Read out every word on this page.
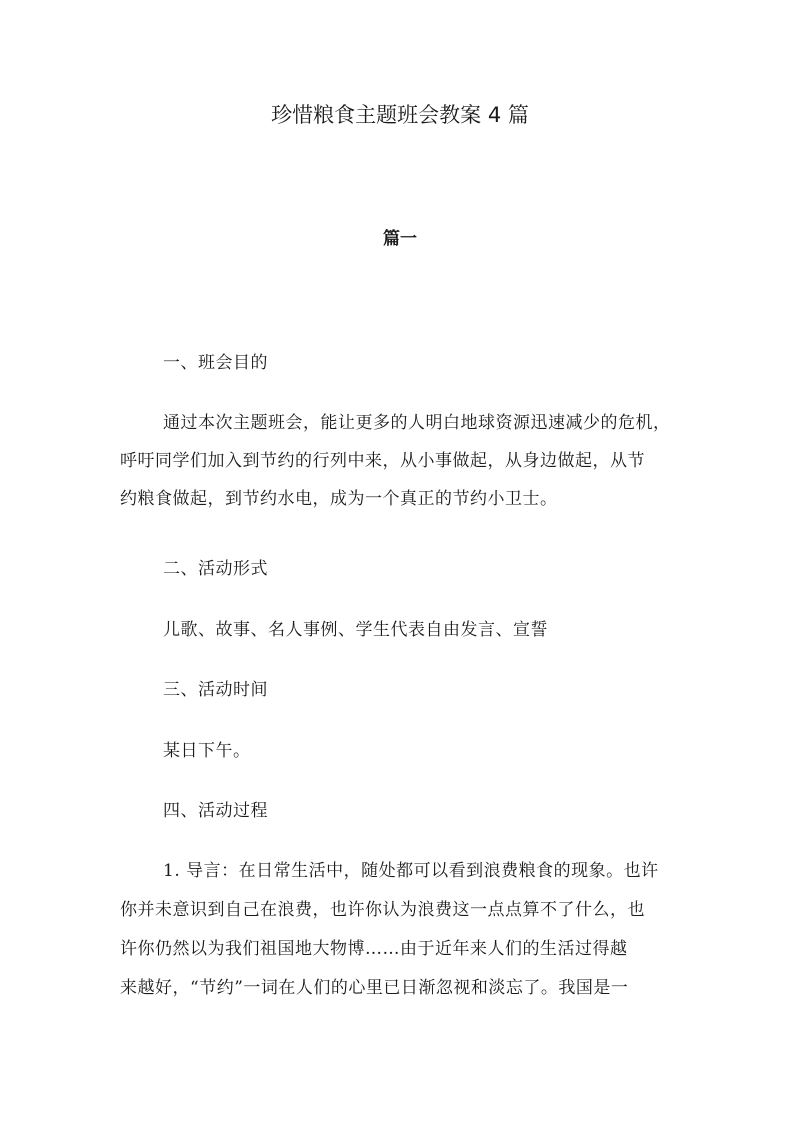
珍惜粮食主题班会教案 4 篇
篇一

一、班会目的

通过本次主题班会，能让更多的人明白地球资源迅速减少的危机，

呼吁同学们加入到节约的行列中来，从小事做起，从身边做起，从节

约粮食做起，到节约水电，成为一个真正的节约小卫士。

二、活动形式

儿歌、故事、名人事例、学生代表自由发言、宣誓

三、活动时间

某日下午。

四、活动过程

1. 导言：在日常生活中，随处都可以看到浪费粮食的现象。也许

你并未意识到自己在浪费，也许你认为浪费这一点点算不了什么，也

许你仍然以为我们祖国地大物博……由于近年来人们的生活过得越

来越好，“节约”一词在人们的心里已日渐忽视和淡忘了。我国是一
